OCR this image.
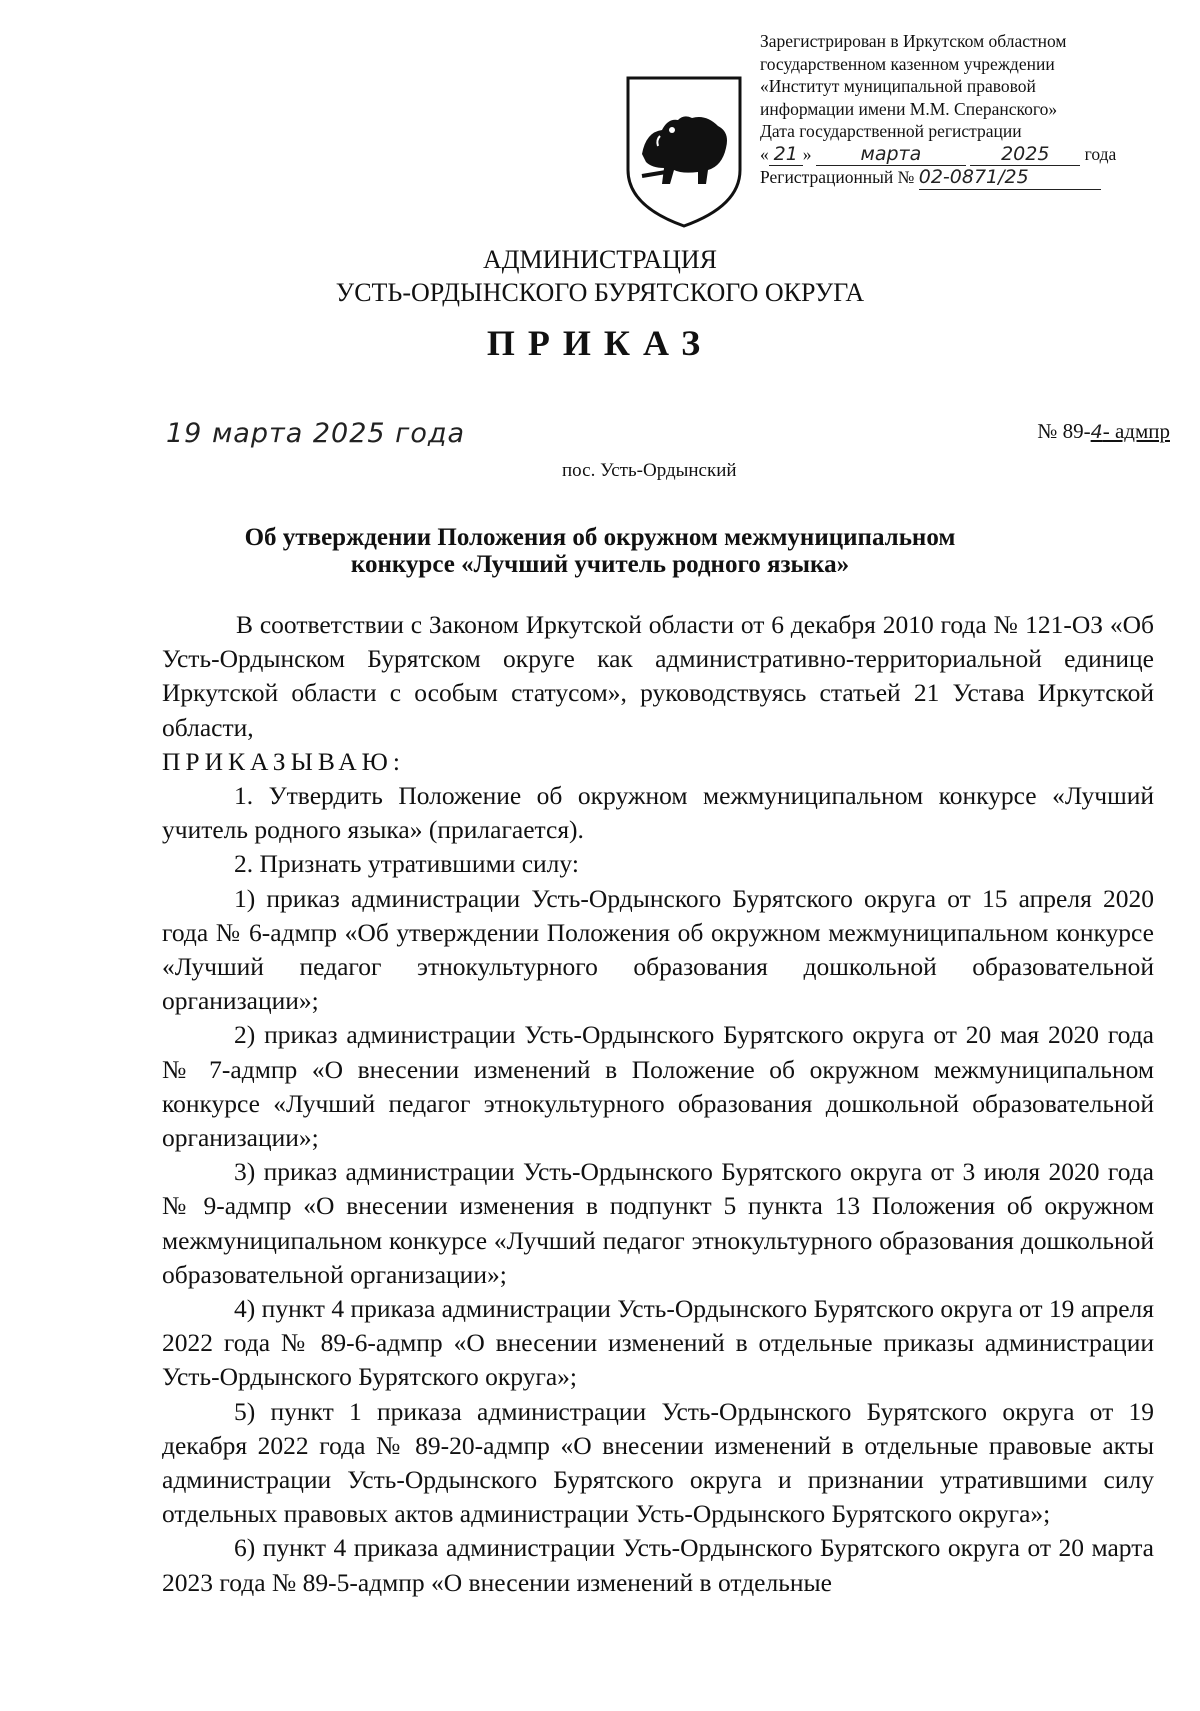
Зарегистрирован в Иркутском областном
государственном казенном учреждении
«Институт муниципальной правовой
информации имени М.М. Сперанского»
Дата государственной регистрации
« 21 » марта	2025 года
Регистрационный № 02-0871/25
АДМИНИСТРАЦИЯ
УСТЬ-ОРДЫНСКОГО БУРЯТСКОГО ОКРУГА
ПРИКАЗ
19 марта 2025 года	№ 89-4- адмпр
пос. Усть-Ордынский
Об утверждении Положения об окружном межмуниципальном
конкурсе «Лучший учитель родного языка»

В соответствии с Законом Иркутской области от 6 декабря 2010 года № 121-ОЗ «Об Усть-Ордынском Бурятском округе как административно-территориальной единице Иркутской области с особым статусом», руководствуясь статьей 21 Устава Иркутской области,

ПРИКАЗЫВАЮ:

1. Утвердить Положение об окружном межмуниципальном конкурсе «Лучший учитель родного языка» (прилагается).

2. Признать утратившими силу:

1) приказ администрации Усть-Ордынского Бурятского округа от 15 апреля 2020 года № 6-адмпр «Об утверждении Положения об окружном межмуниципальном конкурсе «Лучший педагог этнокультурного образования дошкольной образовательной организации»;

2) приказ администрации Усть-Ордынского Бурятского округа от 20 мая 2020 года № 7-адмпр «О внесении изменений в Положение об окружном межмуниципальном конкурсе «Лучший педагог этнокультурного образования дошкольной образовательной организации»;

3) приказ администрации Усть-Ордынского Бурятского округа от 3 июля 2020 года № 9-адмпр «О внесении изменения в подпункт 5 пункта 13 Положения об окружном межмуниципальном конкурсе «Лучший педагог этнокультурного образования дошкольной образовательной организации»;

4) пункт 4 приказа администрации Усть-Ордынского Бурятского округа от 19 апреля 2022 года № 89-6-адмпр «О внесении изменений в отдельные приказы администрации Усть-Ордынского Бурятского округа»;

5) пункт 1 приказа администрации Усть-Ордынского Бурятского округа от 19 декабря 2022 года № 89-20-адмпр «О внесении изменений в отдельные правовые акты администрации Усть-Ордынского Бурятского округа и признании утратившими силу отдельных правовых актов администрации Усть-Ордынского Бурятского округа»;

6) пункт 4 приказа администрации Усть-Ордынского Бурятского округа от 20 марта 2023 года № 89-5-адмпр «О внесении изменений в отдельные
